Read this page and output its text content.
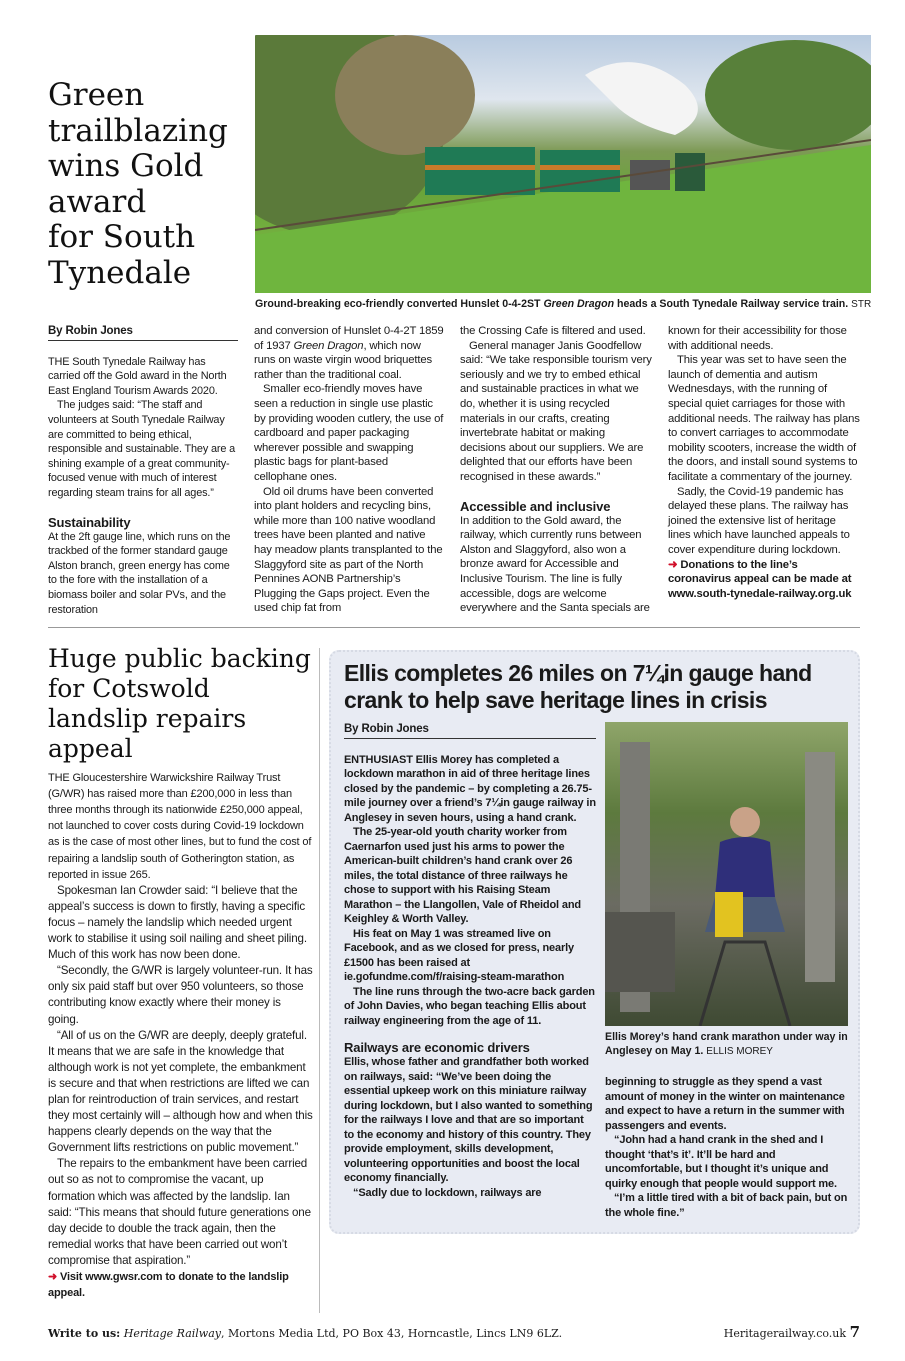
Green
trailblazing
wins Gold
award
for South
Tynedale
Ground-breaking eco-friendly converted Hunslet 0-4-2ST Green Dragon heads a South Tynedale Railway service train. STR
By Robin Jones

THE South Tynedale Railway has carried off the Gold award in the North East England Tourism Awards 2020.

The judges said: “The staff and volunteers at South Tynedale Railway are committed to being ethical, responsible and sustainable. They are a shining example of a great community-focused venue with much of interest regarding steam trains for all ages.”

Sustainability

At the 2ft gauge line, which runs on the trackbed of the former standard gauge Alston branch, green energy has come to the fore with the installation of a biomass boiler and solar PVs, and the restoration

and conversion of Hunslet 0-4-2T 1859 of 1937 Green Dragon, which now runs on waste virgin wood briquettes rather than the traditional coal.

Smaller eco-friendly moves have seen a reduction in single use plastic by providing wooden cutlery, the use of cardboard and paper packaging wherever possible and swapping plastic bags for plant-based cellophane ones.

Old oil drums have been converted into plant holders and recycling bins, while more than 100 native woodland trees have been planted and native hay meadow plants transplanted to the Slaggyford site as part of the North Pennines AONB Partnership’s Plugging the Gaps project. Even the used chip fat from

the Crossing Cafe is filtered and used.

General manager Janis Goodfellow said: “We take responsible tourism very seriously and we try to embed ethical and sustainable practices in what we do, whether it is using recycled materials in our crafts, creating invertebrate habitat or making decisions about our suppliers. We are delighted that our efforts have been recognised in these awards.”

Accessible and inclusive

In addition to the Gold award, the railway, which currently runs between Alston and Slaggyford, also won a bronze award for Accessible and Inclusive Tourism. The line is fully accessible, dogs are welcome everywhere and the Santa specials are

known for their accessibility for those with additional needs.

This year was set to have seen the launch of dementia and autism Wednesdays, with the running of special quiet carriages for those with additional needs. The railway has plans to convert carriages to accommodate mobility scooters, increase the width of the doors, and install sound systems to facilitate a commentary of the journey.

Sadly, the Covid-19 pandemic has delayed these plans. The railway has joined the extensive list of heritage lines which have launched appeals to cover expenditure during lockdown.

➜ Donations to the line’s coronavirus appeal can be made at www.south-tynedale-railway.org.uk

Huge public backing for Cotswold landslip repairs appeal

THE Gloucestershire Warwickshire Railway Trust (G/WR) has raised more than £200,000 in less than three months through its nationwide £250,000 appeal, not launched to cover costs during Covid-19 lockdown as is the case of most other lines, but to fund the cost of repairing a landslip south of Gotherington station, as reported in issue 265.

Spokesman Ian Crowder said: “I believe that the appeal’s success is down to firstly, having a specific focus – namely the landslip which needed urgent work to stabilise it using soil nailing and sheet piling. Much of this work has now been done.

“Secondly, the G/WR is largely volunteer-run. It has only six paid staff but over 950 volunteers, so those contributing know exactly where their money is going.

“All of us on the G/WR are deeply, deeply grateful. It means that we are safe in the knowledge that although work is not yet complete, the embankment is secure and that when restrictions are lifted we can plan for reintroduction of train services, and restart they most certainly will – although how and when this happens clearly depends on the way that the Government lifts restrictions on public movement.”

The repairs to the embankment have been carried out so as not to compromise the vacant, up formation which was affected by the landslip. Ian said: “This means that should future generations one day decide to double the track again, then the remedial works that have been carried out won’t compromise that aspiration.”

➜ Visit www.gwsr.com to donate to the landslip appeal.

Ellis completes 26 miles on 7¼in gauge hand crank to help save heritage lines in crisis
By Robin Jones

ENTHUSIAST Ellis Morey has completed a lockdown marathon in aid of three heritage lines closed by the pandemic – by completing a 26.75-mile journey over a friend’s 7¼in gauge railway in Anglesey in seven hours, using a hand crank.

The 25-year-old youth charity worker from Caernarfon used just his arms to power the American-built children’s hand crank over 26 miles, the total distance of three railways he chose to support with his Raising Steam Marathon – the Llangollen, Vale of Rheidol and Keighley & Worth Valley.

His feat on May 1 was streamed live on Facebook, and as we closed for press, nearly £1500 has been raised at ie.gofundme.com/f/raising-steam-marathon

The line runs through the two-acre back garden of John Davies, who began teaching Ellis about railway engineering from the age of 11.

Railways are economic drivers

Ellis, whose father and grandfather both worked on railways, said: “We’ve been doing the essential upkeep work on this miniature railway during lockdown, but I also wanted to something for the railways I love and that are so important to the economy and history of this country. They provide employment, skills development, volunteering opportunities and boost the local economy financially.

“Sadly due to lockdown, railways are

Ellis Morey’s hand crank marathon under way in Anglesey on May 1. ELLIS MOREY

beginning to struggle as they spend a vast amount of money in the winter on maintenance and expect to have a return in the summer with passengers and events.

“John had a hand crank in the shed and I thought ‘that’s it’. It’ll be hard and uncomfortable, but I thought it’s unique and quirky enough that people would support me.

“I’m a little tired with a bit of back pain, but on the whole fine.”

Write to us: Heritage Railway, Mortons Media Ltd, PO Box 43, Horncastle, Lincs LN9 6LZ.	Heritagerailway.co.uk 7
